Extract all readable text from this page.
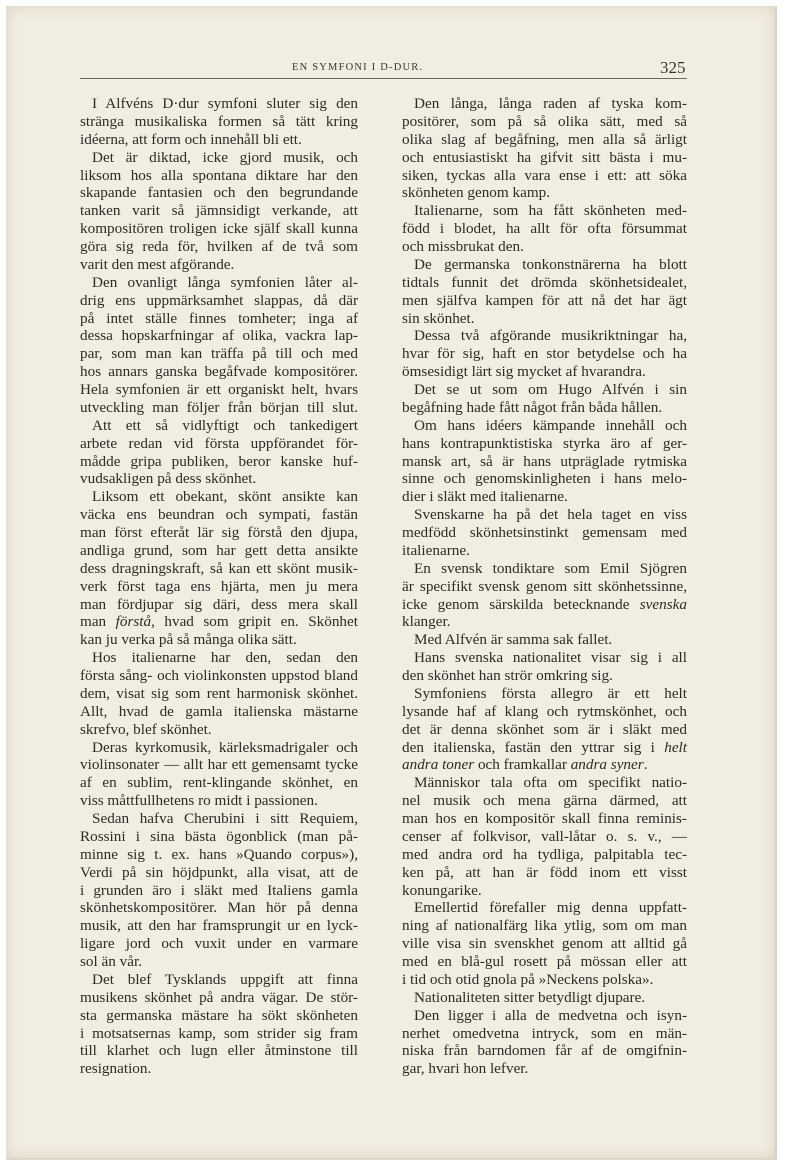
EN SYMFONI I D-DUR.	325
I Alfvéns D·dur symfoni sluter sig den
stränga musikaliska formen så tätt kring
idéerna, att form och innehåll bli ett.
Det är diktad, icke gjord musik, och
liksom hos alla spontana diktare har den
skapande fantasien och den begrundande
tanken varit så jämnsidigt verkande, att
kompositören troligen icke själf skall kunna
göra sig reda för, hvilken af de två som
varit den mest afgörande.
Den ovanligt långa symfonien låter al-
drig ens uppmärksamhet slappas, då där
på intet ställe finnes tomheter; inga af
dessa hopskarfningar af olika, vackra lap-
par, som man kan träffa på till och med
hos annars ganska begåfvade kompositörer.
Hela symfonien är ett organiskt helt, hvars
utveckling man följer från början till slut.
Att ett så vidlyftigt och tankedigert
arbete redan vid första uppförandet för-
mådde gripa publiken, beror kanske huf-
vudsakligen på dess skönhet.
Liksom ett obekant, skönt ansikte kan
väcka ens beundran och sympati, fastän
man först efteråt lär sig förstå den djupa,
andliga grund, som har gett detta ansikte
dess dragningskraft, så kan ett skönt musik-
verk först taga ens hjärta, men ju mera
man fördjupar sig däri, dess mera skall
man förstå, hvad som gripit en. Skönhet
kan ju verka på så många olika sätt.
Hos italienarne har den, sedan den
första sång- och violinkonsten uppstod bland
dem, visat sig som rent harmonisk skönhet.
Allt, hvad de gamla italienska mästarne
skrefvo, blef skönhet.
Deras kyrkomusik, kärleksmadrigaler och
violinsonater — allt har ett gemensamt tycke
af en sublim, rent-klingande skönhet, en
viss måttfullhetens ro midt i passionen.
Sedan hafva Cherubini i sitt Requiem,
Rossini i sina bästa ögonblick (man på-
minne sig t. ex. hans »Quando corpus»),
Verdi på sin höjdpunkt, alla visat, att de
i grunden äro i släkt med Italiens gamla
skönhetskompositörer. Man hör på denna
musik, att den har framsprungit ur en lyck-
ligare jord och vuxit under en varmare
sol än vår.
Det blef Tysklands uppgift att finna
musikens skönhet på andra vägar. De stör-
sta germanska mästare ha sökt skönheten
i motsatsernas kamp, som strider sig fram
till klarhet och lugn eller åtminstone till
resignation.
Den långa, långa raden af tyska kom-
positörer, som på så olika sätt, med så
olika slag af begåfning, men alla så ärligt
och entusiastiskt ha gifvit sitt bästa i mu-
siken, tyckas alla vara ense i ett: att söka
skönheten genom kamp.
Italienarne, som ha fått skönheten med-
född i blodet, ha allt för ofta försummat
och missbrukat den.
De germanska tonkonstnärerna ha blott
tidtals funnit det drömda skönhetsidealet,
men själfva kampen för att nå det har ägt
sin skönhet.
Dessa två afgörande musikriktningar ha,
hvar för sig, haft en stor betydelse och ha
ömsesidigt lärt sig mycket af hvarandra.
Det se ut som om Hugo Alfvén i sin
begåfning hade fått något från båda hållen.
Om hans idéers kämpande innehåll och
hans kontrapunktistiska styrka äro af ger-
mansk art, så är hans utpräglade rytmiska
sinne och genomskinligheten i hans melo-
dier i släkt med italienarne.
Svenskarne ha på det hela taget en viss
medfödd skönhetsinstinkt gemensam med
italienarne.
En svensk tondiktare som Emil Sjögren
är specifikt svensk genom sitt skönhetssinne,
icke genom särskilda betecknande svenska
klanger.
Med Alfvén är samma sak fallet.
Hans svenska nationalitet visar sig i all
den skönhet han strör omkring sig.
Symfoniens första allegro är ett helt
lysande haf af klang och rytmskönhet, och
det är denna skönhet som är i släkt med
den italienska, fastän den yttrar sig i helt
andra toner och framkallar andra syner.
Människor tala ofta om specifikt natio-
nel musik och mena gärna därmed, att
man hos en kompositör skall finna reminis-
censer af folkvisor, vall-låtar o. s. v., —
med andra ord ha tydliga, palpitabla tec-
ken på, att han är född inom ett visst
konungarike.
Emellertid förefaller mig denna uppfatt-
ning af nationalfärg lika ytlig, som om man
ville visa sin svenskhet genom att alltid gå
med en blå-gul rosett på mössan eller att
i tid och otid gnola på »Neckens polska».
Nationaliteten sitter betydligt djupare.
Den ligger i alla de medvetna och isyn-
nerhet omedvetna intryck, som en män-
niska från barndomen får af de omgifnin-
gar, hvari hon lefver.
